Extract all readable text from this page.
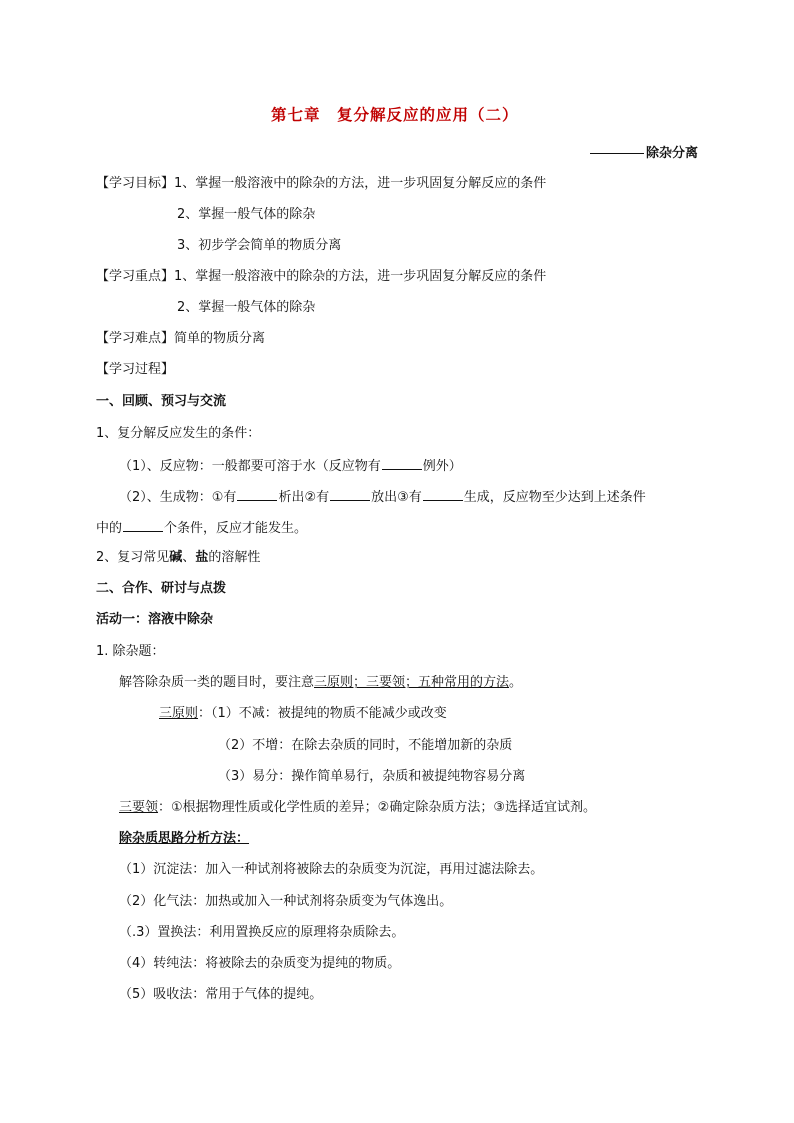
第七章　复分解反应的应用（二）
除杂分离
【学习目标】1、掌握一般溶液中的除杂的方法，进一步巩固复分解反应的条件
2、掌握一般气体的除杂
3、初步学会简单的物质分离
【学习重点】1、掌握一般溶液中的除杂的方法，进一步巩固复分解反应的条件
2、掌握一般气体的除杂
【学习难点】简单的物质分离
【学习过程】
一、回顾、预习与交流
1、复分解反应发生的条件：
（1）、反应物：一般都要可溶于水（反应物有	例外）
（2）、生成物：①有	析出②有	放出③有	生成，反应物至少达到上述条件
中的	个条件，反应才能发生。
2、复习常见碱、盐的溶解性
二、合作、研讨与点拨
活动一：溶液中除杂
1. 除杂题：
解答除杂质一类的题目时，要注意三原则；三要领；五种常用的方法。
三原则：（1）不减：被提纯的物质不能减少或改变
（2）不增：在除去杂质的同时，不能增加新的杂质
（3）易分：操作简单易行，杂质和被提纯物容易分离
三要领：①根据物理性质或化学性质的差异；②确定除杂质方法；③选择适宜试剂。
除杂质思路分析方法：
（1）沉淀法：加入一种试剂将被除去的杂质变为沉淀，再用过滤法除去。
（2）化气法：加热或加入一种试剂将杂质变为气体逸出。
（.3）置换法：利用置换反应的原理将杂质除去。
（4）转纯法：将被除去的杂质变为提纯的物质。
（5）吸收法：常用于气体的提纯。
